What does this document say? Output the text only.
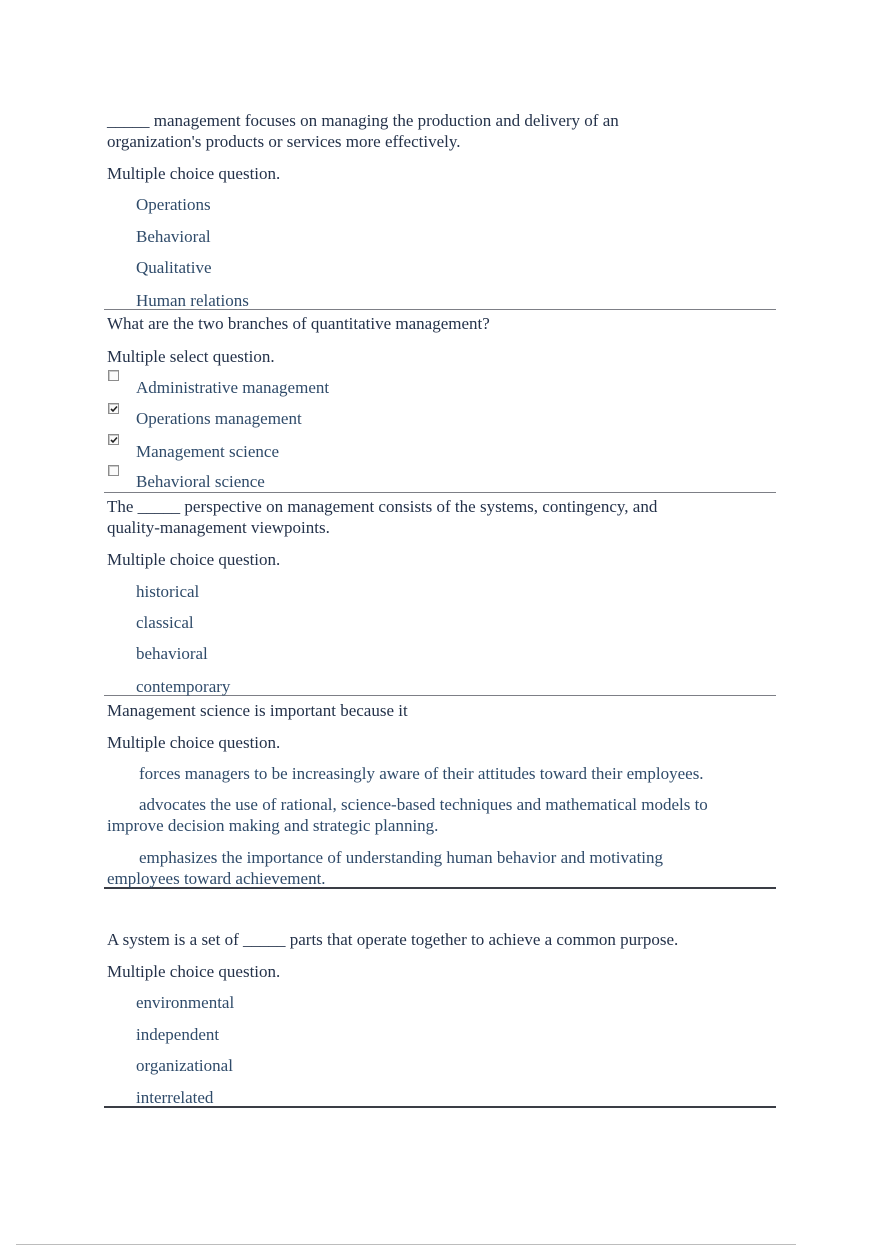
_____ management focuses on managing the production and delivery of an organization's products or services more effectively.

Multiple choice question.

Operations
Behavioral
Qualitative
Human relations

What are the two branches of quantitative management?

Multiple select question.

Administrative management
Operations management
Management science
Behavioral science

The _____ perspective on management consists of the systems, contingency, and quality-management viewpoints.

Multiple choice question.

historical
classical
behavioral
contemporary

Management science is important because it

Multiple choice question.

forces managers to be increasingly aware of their attitudes toward their employees.
advocates the use of rational, science-based techniques and mathematical models to improve decision making and strategic planning.
emphasizes the importance of understanding human behavior and motivating employees toward achievement.

A system is a set of _____ parts that operate together to achieve a common purpose.

Multiple choice question.

environmental
independent
organizational
interrelated
